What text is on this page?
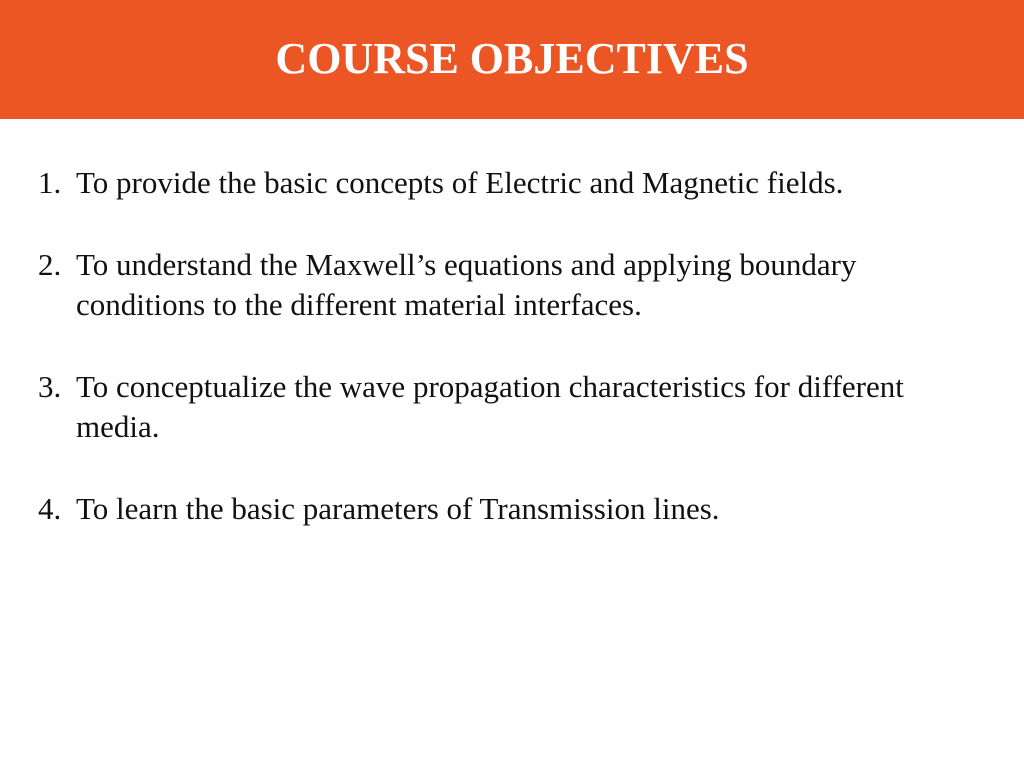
COURSE OBJECTIVES
1. To provide the basic concepts of Electric and Magnetic fields.
2. To understand the Maxwell’s equations and applying boundary conditions to the different material interfaces.
3. To conceptualize the wave propagation characteristics for different media.
4. To learn the basic parameters of Transmission lines.
